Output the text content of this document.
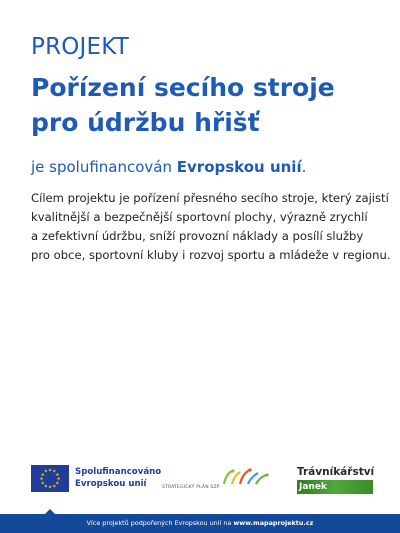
PROJEKT
Pořízení secího stroje pro údržbu hřišť
je spolufinancován Evropskou unií.
Cílem projektu je pořízení přesného secího stroje, který zajistí
kvalitnější a bezpečnější sportovní plochy, výrazně zrychlí
a zefektivní údržbu, sníží provozní náklady a posílí služby
pro obce, sportovní kluby i rozvoj sportu a mládeže v regionu.
★ ★
★
★
★
★
★
★
★
★
★
★	Spolufinancováno
Evropskou unií	STRATEGICKÝ PLÁN SZP
Trávníkářství
Janek
Více projektů podpořených Evropskou unií na www.mapaprojektu.cz
